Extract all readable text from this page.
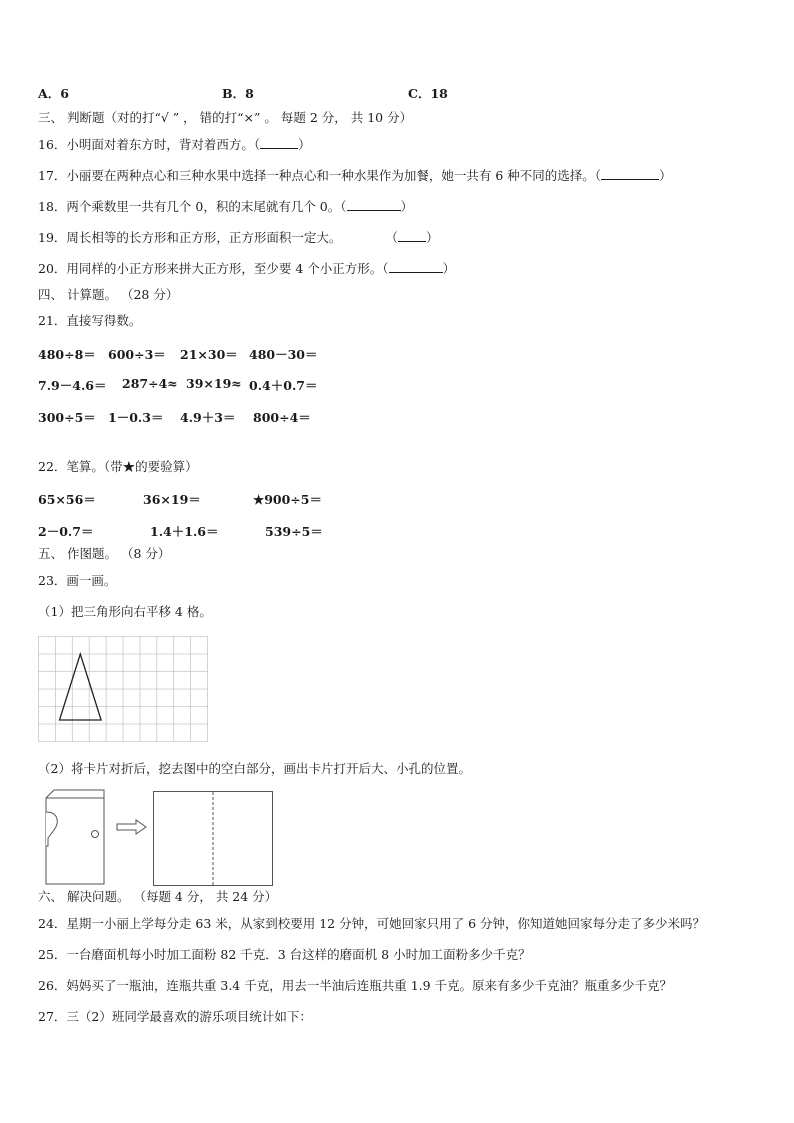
A．6	B．8	C．18
三、 判断题（对的打“√ ” ， 错的打“×” 。 每题 2 分， 共 10 分）
16．小明面对着东方时，背对着西方。（	）
17．小丽要在两种点心和三种水果中选择一种点心和一种水果作为加餐，她一共有 6 种不同的选择。（	）
18．两个乘数里一共有几个 0，积的末尾就有几个 0。（	）
19．周长相等的长方形和正方形，正方形面积一定大。	（ ）
20．用同样的小正方形来拼大正方形，至少要 4 个小正方形。（	）
四、 计算题。 （28 分）
21．直接写得数。
480÷8＝ 600÷3＝ 21×30＝ 480－30＝
7.9－4.6＝ 287÷4≈ 39×19≈ 0.4＋0.7＝
300÷5＝ 1－0.3＝ 4.9＋3＝ 800÷4＝
22．笔算。（带★的要验算）
65×56＝	36×19＝	★900÷5＝
2－0.7＝	1.4＋1.6＝	539÷5＝
五、 作图题。 （8 分）
23．画一画。
（1）把三角形向右平移 4 格。
（2）将卡片对折后，挖去图中的空白部分，画出卡片打开后大、小孔的位置。
六、 解决问题。 （每题 4 分， 共 24 分）
24．星期一小丽上学每分走 63 米，从家到校要用 12 分钟，可她回家只用了 6 分钟，你知道她回家每分走了多少米吗？
25．一台磨面机每小时加工面粉 82 千克．3 台这样的磨面机 8 小时加工面粉多少千克？
26．妈妈买了一瓶油，连瓶共重 3.4 千克，用去一半油后连瓶共重 1.9 千克。原来有多少千克油？瓶重多少千克？
27．三（2）班同学最喜欢的游乐项目统计如下：
